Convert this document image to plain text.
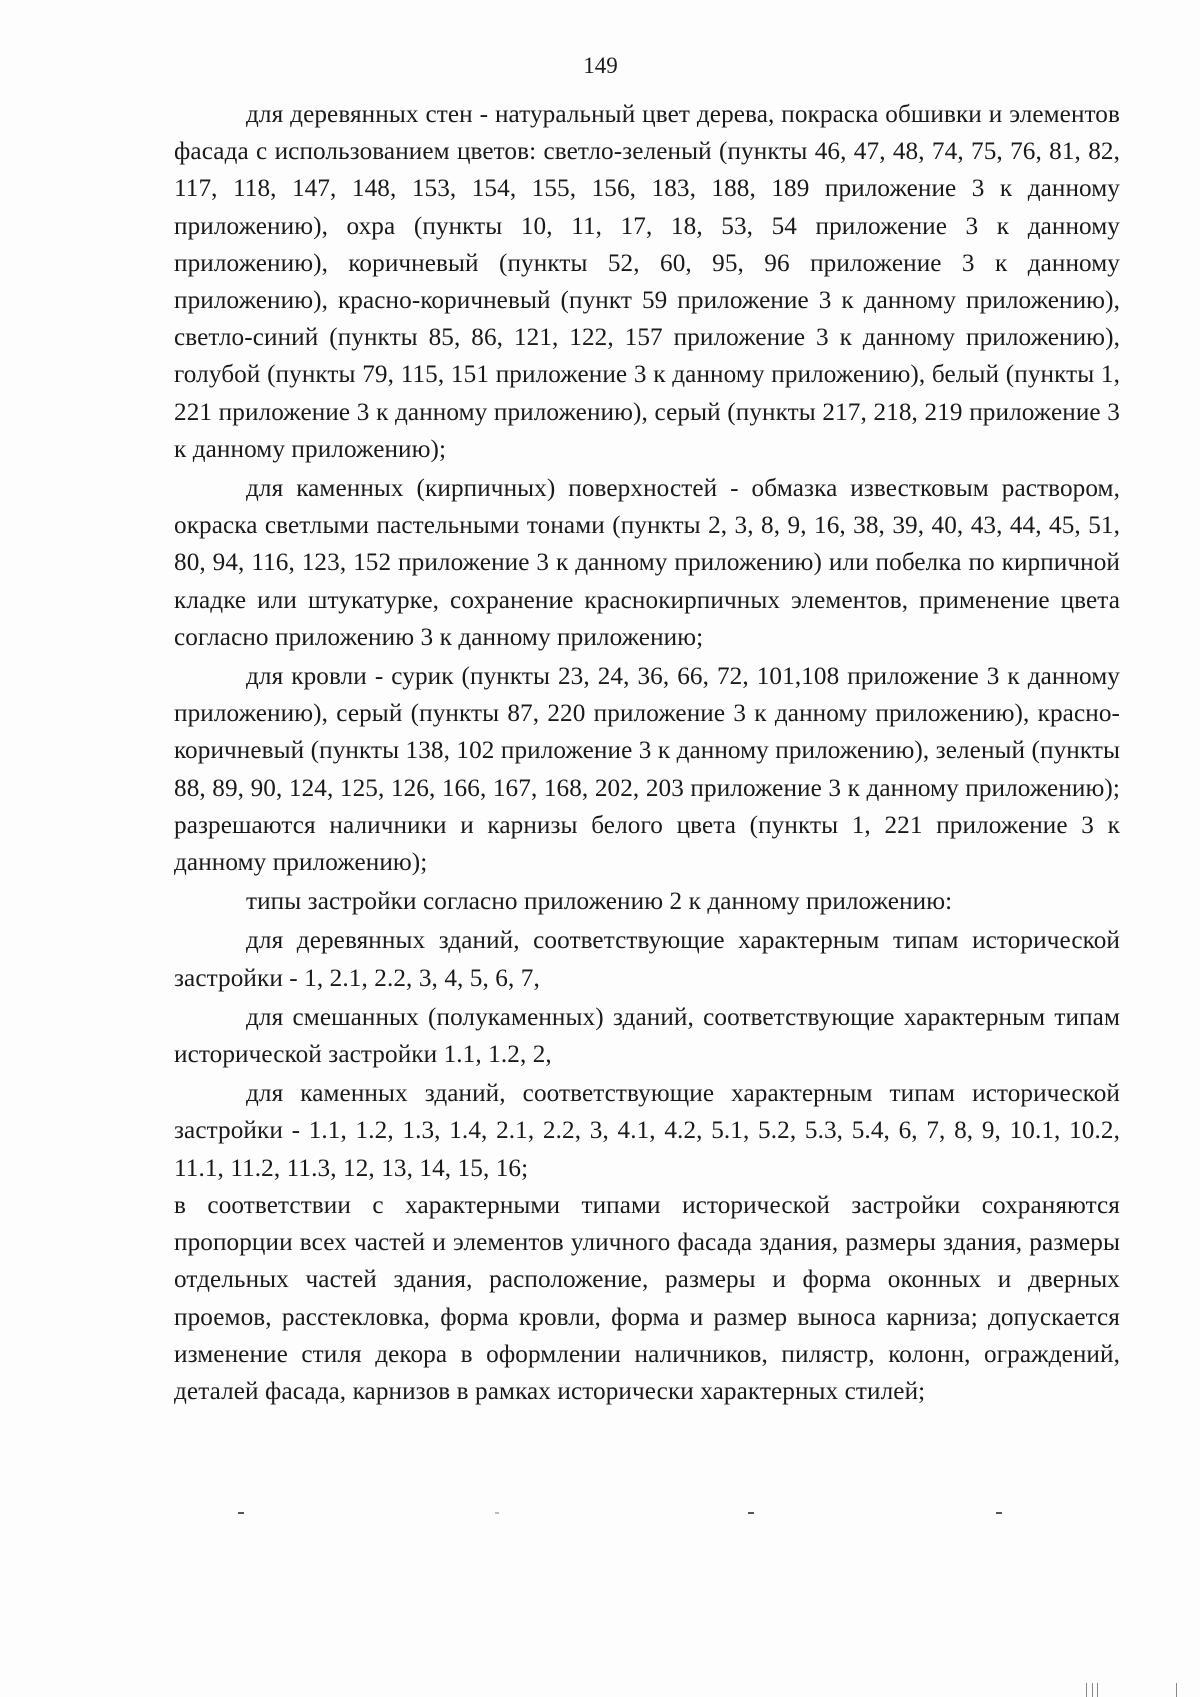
149

для деревянных стен - натуральный цвет дерева, покраска обшивки и элементов фасада с использованием цветов: светло-зеленый (пункты 46, 47, 48, 74, 75, 76, 81, 82, 117, 118, 147, 148, 153, 154, 155, 156, 183, 188, 189 приложение 3 к данному приложению), охра (пункты 10, 11, 17, 18, 53, 54 приложение 3 к данному приложению), коричневый (пункты 52, 60, 95, 96 приложение 3 к данному приложению), красно-коричневый (пункт 59 приложение 3 к данному приложению), светло-синий (пункты 85, 86, 121, 122, 157 приложение 3 к данному приложению), голубой (пункты 79, 115, 151 приложение 3 к данному приложению), белый (пункты 1, 221 приложение 3 к данному приложению), серый (пункты 217, 218, 219 приложение 3 к данному приложению);

для каменных (кирпичных) поверхностей - обмазка известковым раствором, окраска светлыми пастельными тонами (пункты 2, 3, 8, 9, 16, 38, 39, 40, 43, 44, 45, 51, 80, 94, 116, 123, 152 приложение 3 к данному приложению) или побелка по кирпичной кладке или штукатурке, сохранение краснокирпичных элементов, применение цвета согласно приложению 3 к данному приложению;

для кровли - сурик (пункты 23, 24, 36, 66, 72, 101,108 приложение 3 к данному приложению), серый (пункты 87, 220 приложение 3 к данному приложению), красно-коричневый (пункты 138, 102 приложение 3 к данному приложению), зеленый (пункты 88, 89, 90, 124, 125, 126, 166, 167, 168, 202, 203 приложение 3 к данному приложению); разрешаются наличники и карнизы белого цвета (пункты 1, 221 приложение 3 к данному приложению);

типы застройки согласно приложению 2 к данному приложению:

для деревянных зданий, соответствующие характерным типам исторической застройки - 1, 2.1, 2.2, 3, 4, 5, 6, 7,

для смешанных (полукаменных) зданий, соответствующие характерным типам исторической застройки 1.1, 1.2, 2,

для каменных зданий, соответствующие характерным типам исторической застройки - 1.1, 1.2, 1.3, 1.4, 2.1, 2.2, 3, 4.1, 4.2, 5.1, 5.2, 5.3, 5.4, 6, 7, 8, 9, 10.1, 10.2, 11.1, 11.2, 11.3, 12, 13, 14, 15, 16;

в соответствии с характерными типами исторической застройки сохраняются пропорции всех частей и элементов уличного фасада здания, размеры здания, размеры отдельных частей здания, расположение, размеры и форма оконных и дверных проемов, расстекловка, форма кровли, форма и размер выноса карниза; допускается изменение стиля декора в оформлении наличников, пилястр, колонн, ограждений, деталей фасада, карнизов в рамках исторически характерных стилей;
